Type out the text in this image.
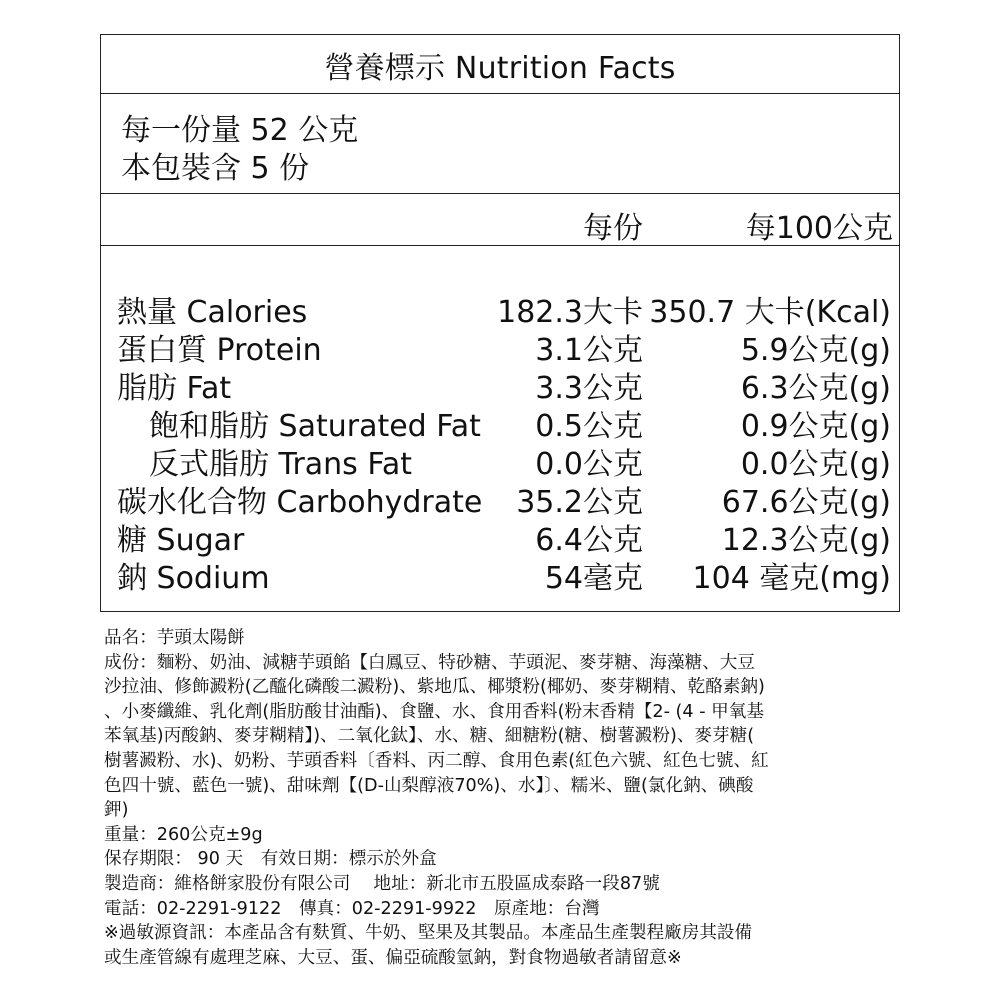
營養標示 Nutrition Facts
每一份量 52 公克
本包裝含 5 份
每份	每100公克
熱量 Calories	182.3大卡 350.7 大卡(Kcal)
蛋白質 Protein	3.1公克	5.9公克(g)
脂肪 Fat	3.3公克	6.3公克(g)
飽和脂肪 Saturated Fat 0.5公克	0.9公克(g)
反式脂肪 Trans Fat	0.0公克	0.0公克(g)
碳水化合物 Carbohydrate 35.2公克	67.6公克(g)
糖 Sugar	6.4公克	12.3公克(g)
鈉 Sodium	54毫克 104 毫克(mg)

品名：芋頭太陽餅

成份：麵粉、奶油、減糖芋頭餡【白鳳豆、特砂糖、芋頭泥、麥芽糖、海藻糖、大豆

沙拉油、修飾澱粉(乙醯化磷酸二澱粉)、紫地瓜、椰漿粉(椰奶、麥芽糊精、乾酪素鈉)

、小麥纖維、乳化劑(脂肪酸甘油酯)、食鹽、水、食用香料(粉末香精【2- (4 - 甲氧基

苯氧基)丙酸鈉、麥芽糊精】)、二氧化鈦】、水、糖、細糖粉(糖、樹薯澱粉)、麥芽糖(

樹薯澱粉、水)、奶粉、芋頭香料〔香料、丙二醇、食用色素(紅色六號、紅色七號、紅

色四十號、藍色一號)、甜味劑【(D-山梨醇液70%)、水】〕、糯米、鹽(氯化鈉、碘酸

鉀)

重量：260公克±9g

保存期限： 90 天　有效日期：標示於外盒

製造商：維格餅家股份有限公司　 地址：新北市五股區成泰路一段87號

電話：02-2291-9122　傳真：02-2291-9922　原產地：台灣

※過敏源資訊：本產品含有麩質、牛奶、堅果及其製品。本產品生產製程廠房其設備

或生產管線有處理芝麻、大豆、蛋、偏亞硫酸氫鈉，對食物過敏者請留意※
